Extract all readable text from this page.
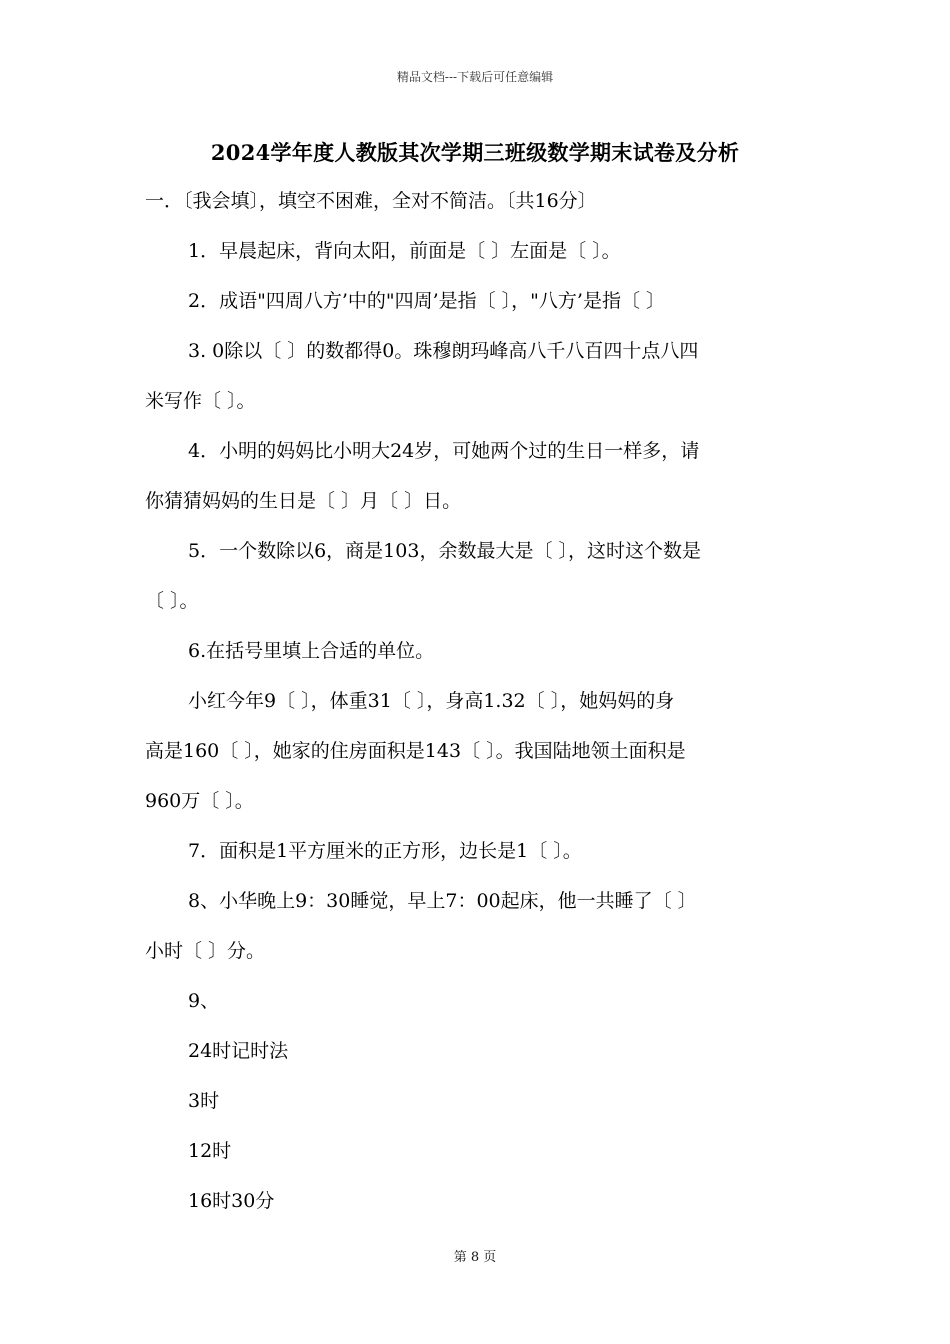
精品文档---下载后可任意编辑
2024学年度人教版其次学期三班级数学期末试卷及分析
一．〔我会填〕，填空不困难，全对不简洁。〔共16分〕
1．早晨起床，背向太阳，前面是〔 〕左面是〔 〕。
2．成语"四周八方’中的"四周’是指〔 〕，"八方’是指〔 〕
3. 0除以〔 〕的数都得0。珠穆朗玛峰高八千八百四十点八四
米写作〔 〕。
4．小明的妈妈比小明大24岁，可她两个过的生日一样多，请
你猜猜妈妈的生日是〔 〕月〔 〕日。
5．一个数除以6，商是103，余数最大是〔 〕，这时这个数是
〔 〕。
6.在括号里填上合适的单位。
小红今年9〔 〕，体重31〔 〕，身高1.32〔 〕，她妈妈的身
高是160〔 〕，她家的住房面积是143〔 〕。我国陆地领土面积是
960万〔 〕。
7．面积是1平方厘米的正方形，边长是1〔 〕。
8、小华晚上9：30睡觉，早上7：00起床，他一共睡了〔 〕
小时〔 〕分。
9、
24时记时法
3时
12时
16时30分
第 8 页
